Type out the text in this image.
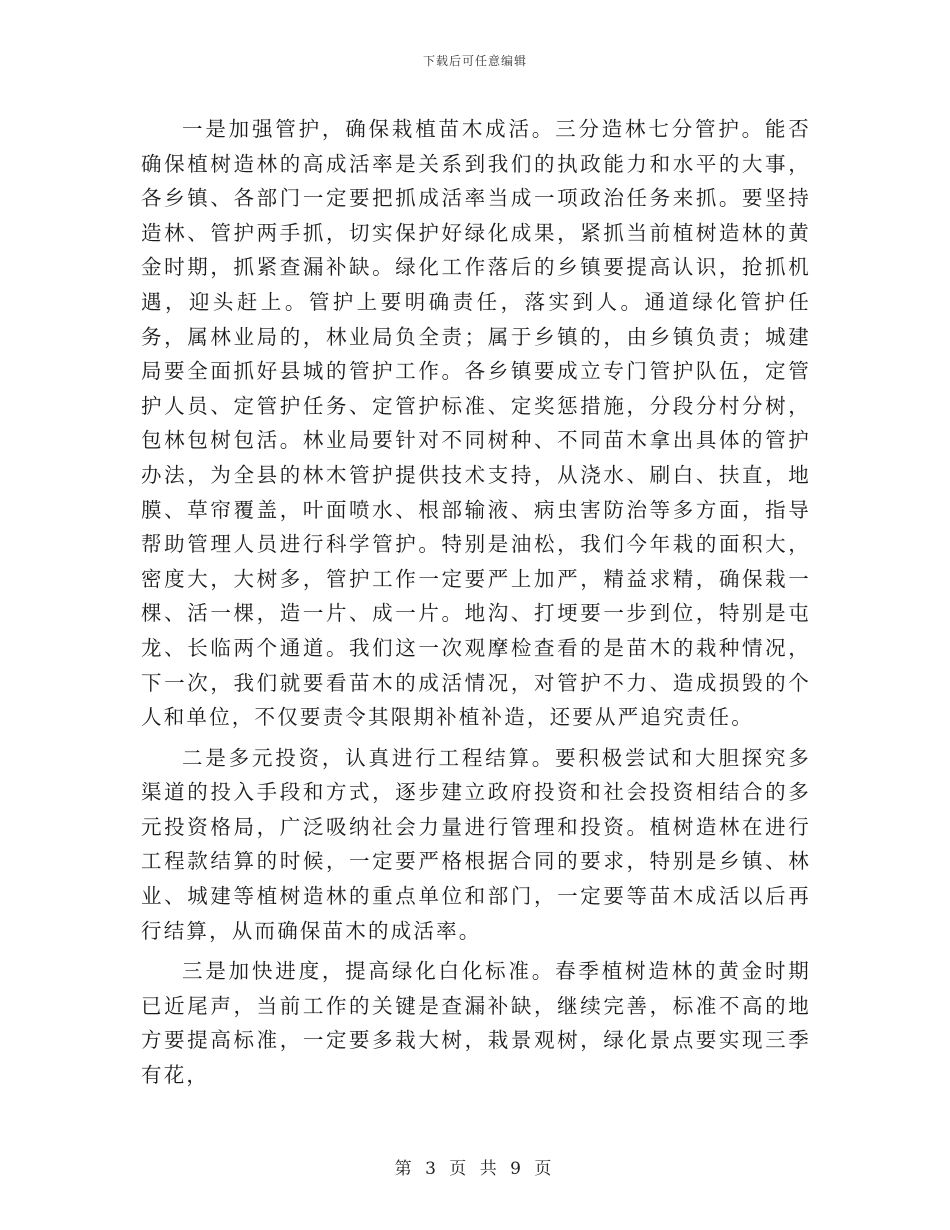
下载后可任意编辑

一是加强管护，确保栽植苗木成活。三分造林七分管护。能否确保植树造林的高成活率是关系到我们的执政能力和水平的大事，各乡镇、各部门一定要把抓成活率当成一项政治任务来抓。要坚持造林、管护两手抓，切实保护好绿化成果，紧抓当前植树造林的黄金时期，抓紧查漏补缺。绿化工作落后的乡镇要提高认识，抢抓机遇，迎头赶上。管护上要明确责任，落实到人。通道绿化管护任务，属林业局的，林业局负全责；属于乡镇的，由乡镇负责；城建局要全面抓好县城的管护工作。各乡镇要成立专门管护队伍，定管护人员、定管护任务、定管护标准、定奖惩措施，分段分村分树，包林包树包活。林业局要针对不同树种、不同苗木拿出具体的管护办法，为全县的林木管护提供技术支持，从浇水、刷白、扶直，地膜、草帘覆盖，叶面喷水、根部输液、病虫害防治等多方面，指导帮助管理人员进行科学管护。特别是油松，我们今年栽的面积大，密度大，大树多，管护工作一定要严上加严，精益求精，确保栽一棵、活一棵，造一片、成一片。地沟、打埂要一步到位，特别是屯龙、长临两个通道。我们这一次观摩检查看的是苗木的栽种情况，下一次，我们就要看苗木的成活情况，对管护不力、造成损毁的个人和单位，不仅要责令其限期补植补造，还要从严追究责任。

二是多元投资，认真进行工程结算。要积极尝试和大胆探究多渠道的投入手段和方式，逐步建立政府投资和社会投资相结合的多元投资格局，广泛吸纳社会力量进行管理和投资。植树造林在进行工程款结算的时候，一定要严格根据合同的要求，特别是乡镇、林业、城建等植树造林的重点单位和部门，一定要等苗木成活以后再行结算，从而确保苗木的成活率。

三是加快进度，提高绿化白化标准。春季植树造林的黄金时期已近尾声，当前工作的关键是查漏补缺，继续完善，标准不高的地方要提高标准，一定要多栽大树，栽景观树，绿化景点要实现三季有花，

第 3 页 共 9 页
